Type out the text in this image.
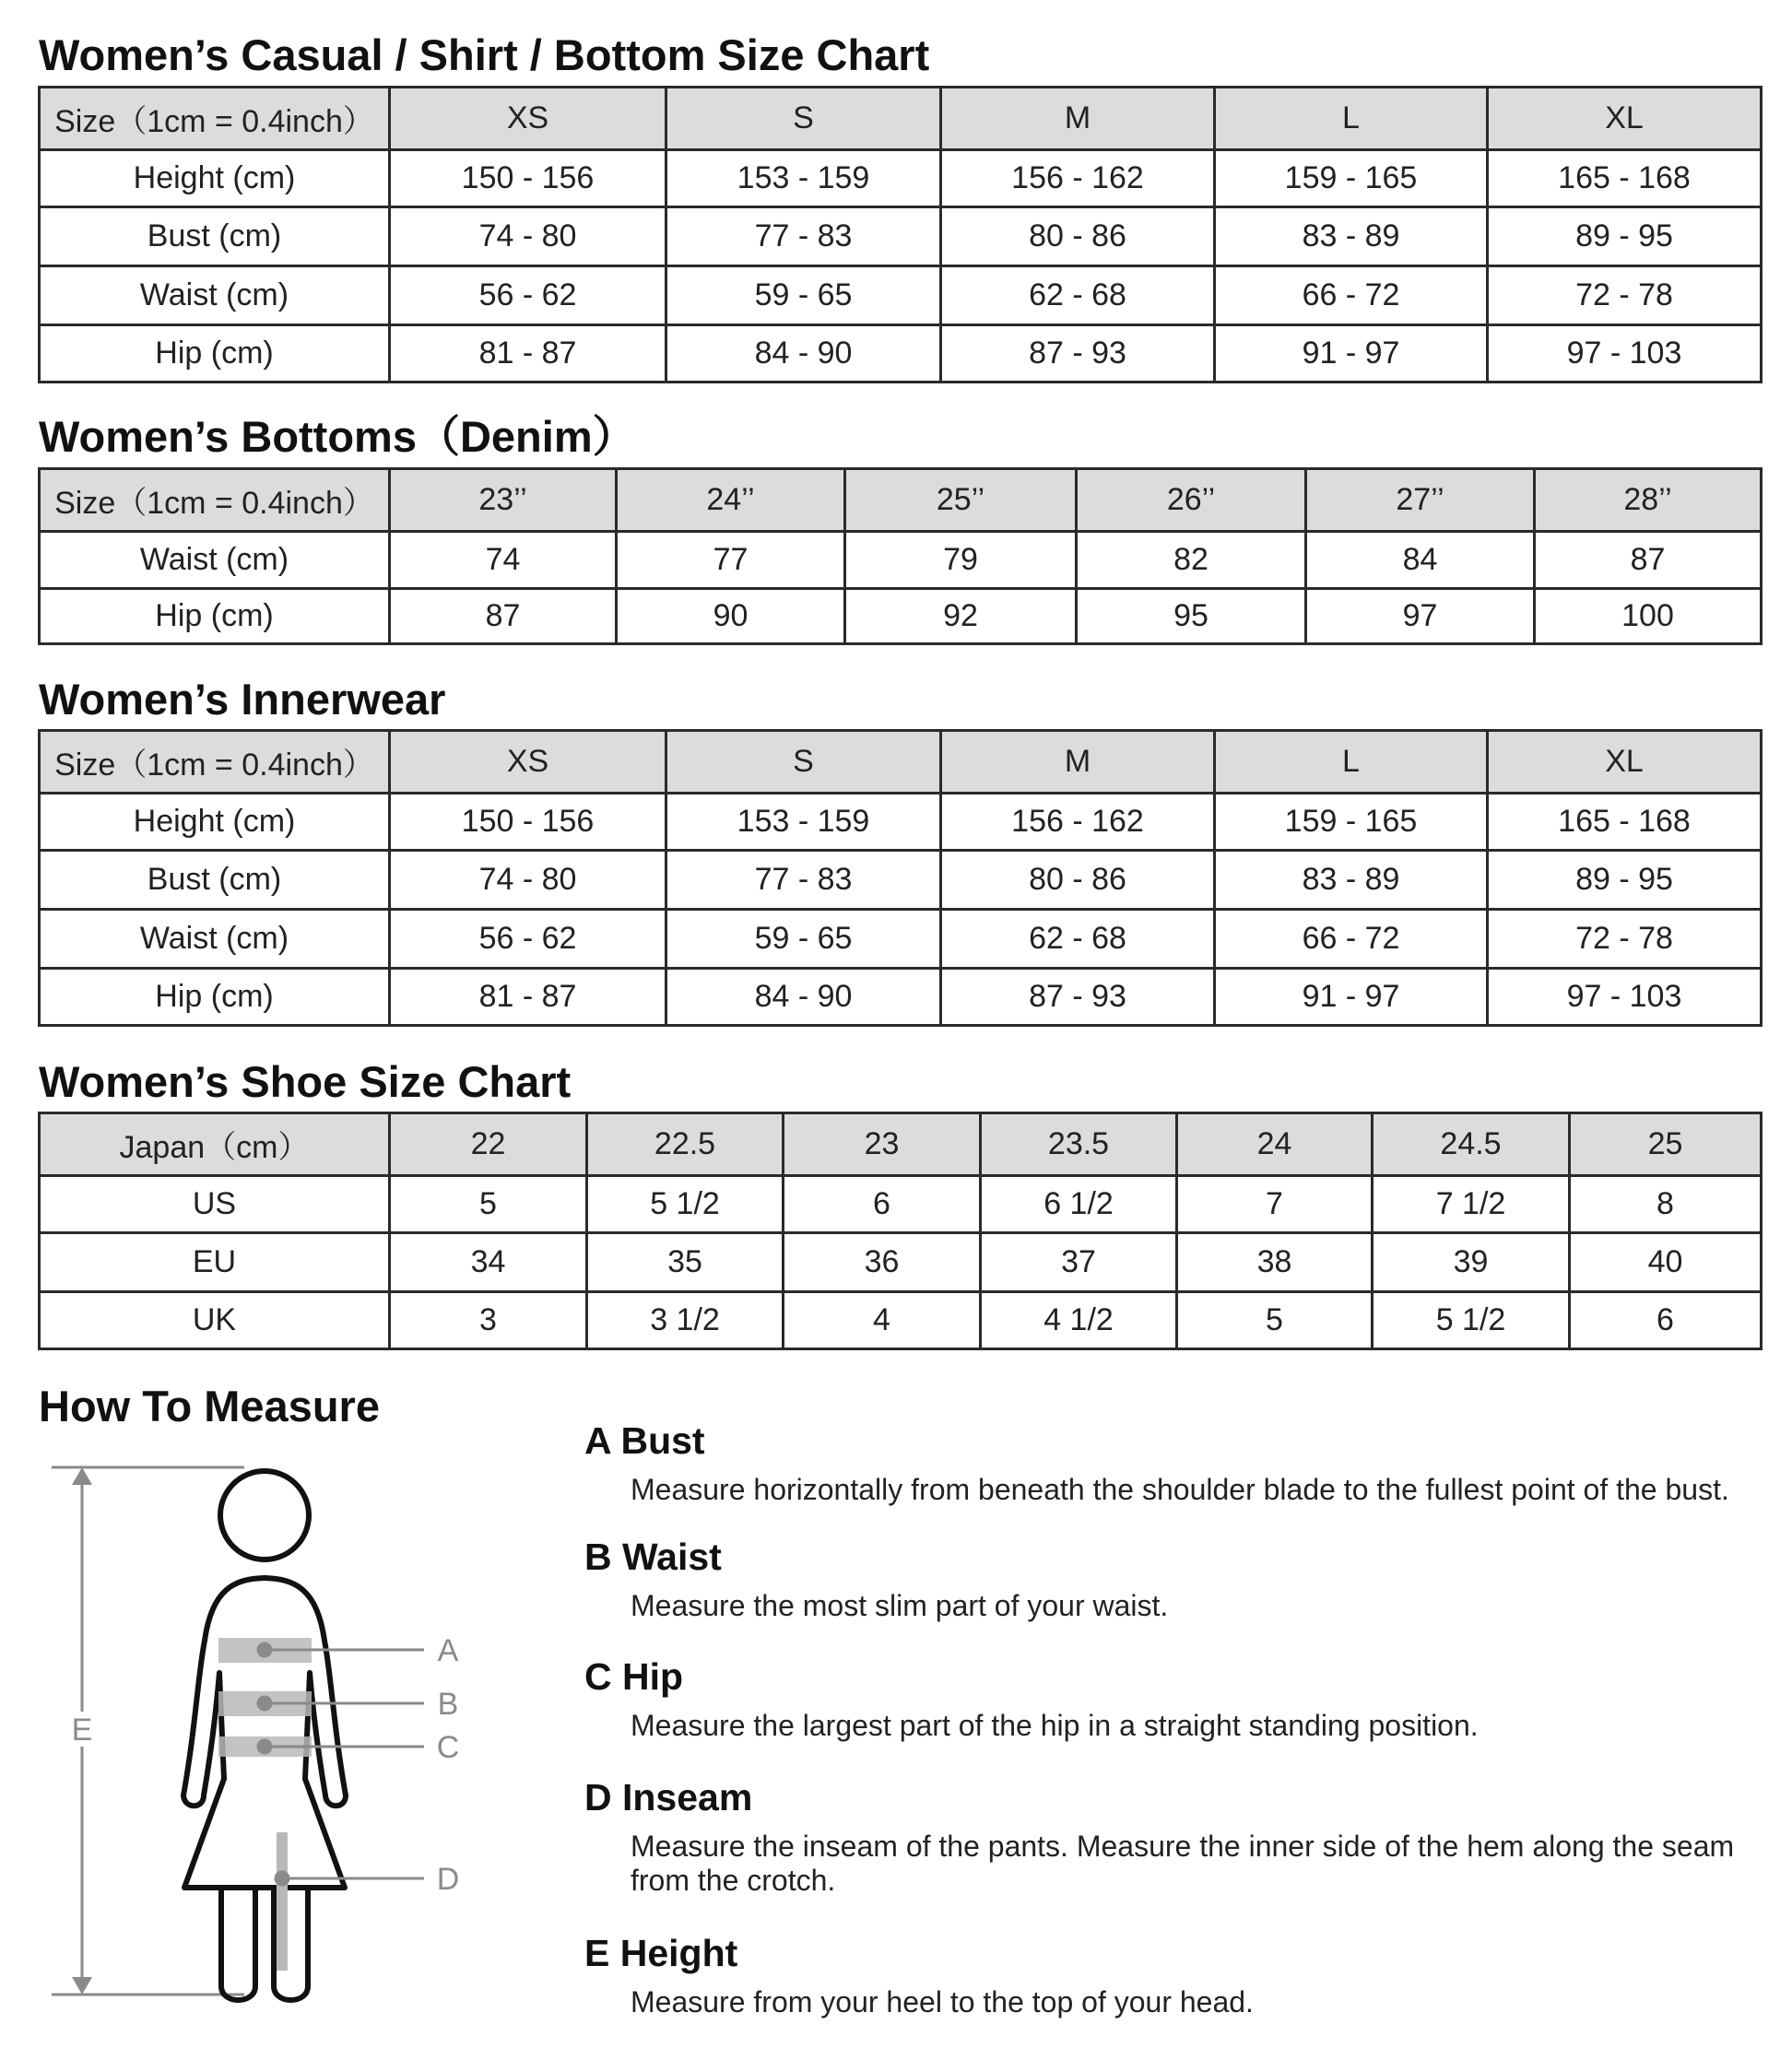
Women’s Casual / Shirt / Bottom Size Chart
Size（1cm = 0.4inch）	XS	S	M	L	XL
Height (cm)	150 - 156	153 - 159	156 - 162	159 - 165	165 - 168
Bust (cm)	74 - 80	77 - 83	80 - 86	83 - 89	89 - 95
Waist (cm)	56 - 62	59 - 65	62 - 68	66 - 72	72 - 78
Hip (cm)	81 - 87	84 - 90	87 - 93	91 - 97	97 - 103
Women’s Bottoms（Denim）
Size（1cm = 0.4inch）	23’’	24’’	25’’	26’’	27’’	28’’
Waist (cm)	74	77	79	82	84	87
Hip (cm)	87	90	92	95	97	100
Women’s Innerwear
Size（1cm = 0.4inch）	XS	S	M	L	XL
Height (cm)	150 - 156	153 - 159	156 - 162	159 - 165	165 - 168
Bust (cm)	74 - 80	77 - 83	80 - 86	83 - 89	89 - 95
Waist (cm)	56 - 62	59 - 65	62 - 68	66 - 72	72 - 78
Hip (cm)	81 - 87	84 - 90	87 - 93	91 - 97	97 - 103
Women’s Shoe Size Chart
Japan（cm）	22	22.5	23	23.5	24	24.5	25
US	5	5 1/2	6	6 1/2	7	7 1/2	8
EU	34	35	36	37	38	39	40
UK	3	3 1/2	4	4 1/2	5	5 1/2	6
How To Measure
E
A
B
C
D
A Bust
Measure horizontally from beneath the shoulder blade to the fullest point of the bust.
B Waist
Measure the most slim part of your waist.
C Hip
Measure the largest part of the hip in a straight standing position.
D Inseam
Measure the inseam of the pants. Measure the inner side of the hem along the seam from the crotch.
E Height
Measure from your heel to the top of your head.
